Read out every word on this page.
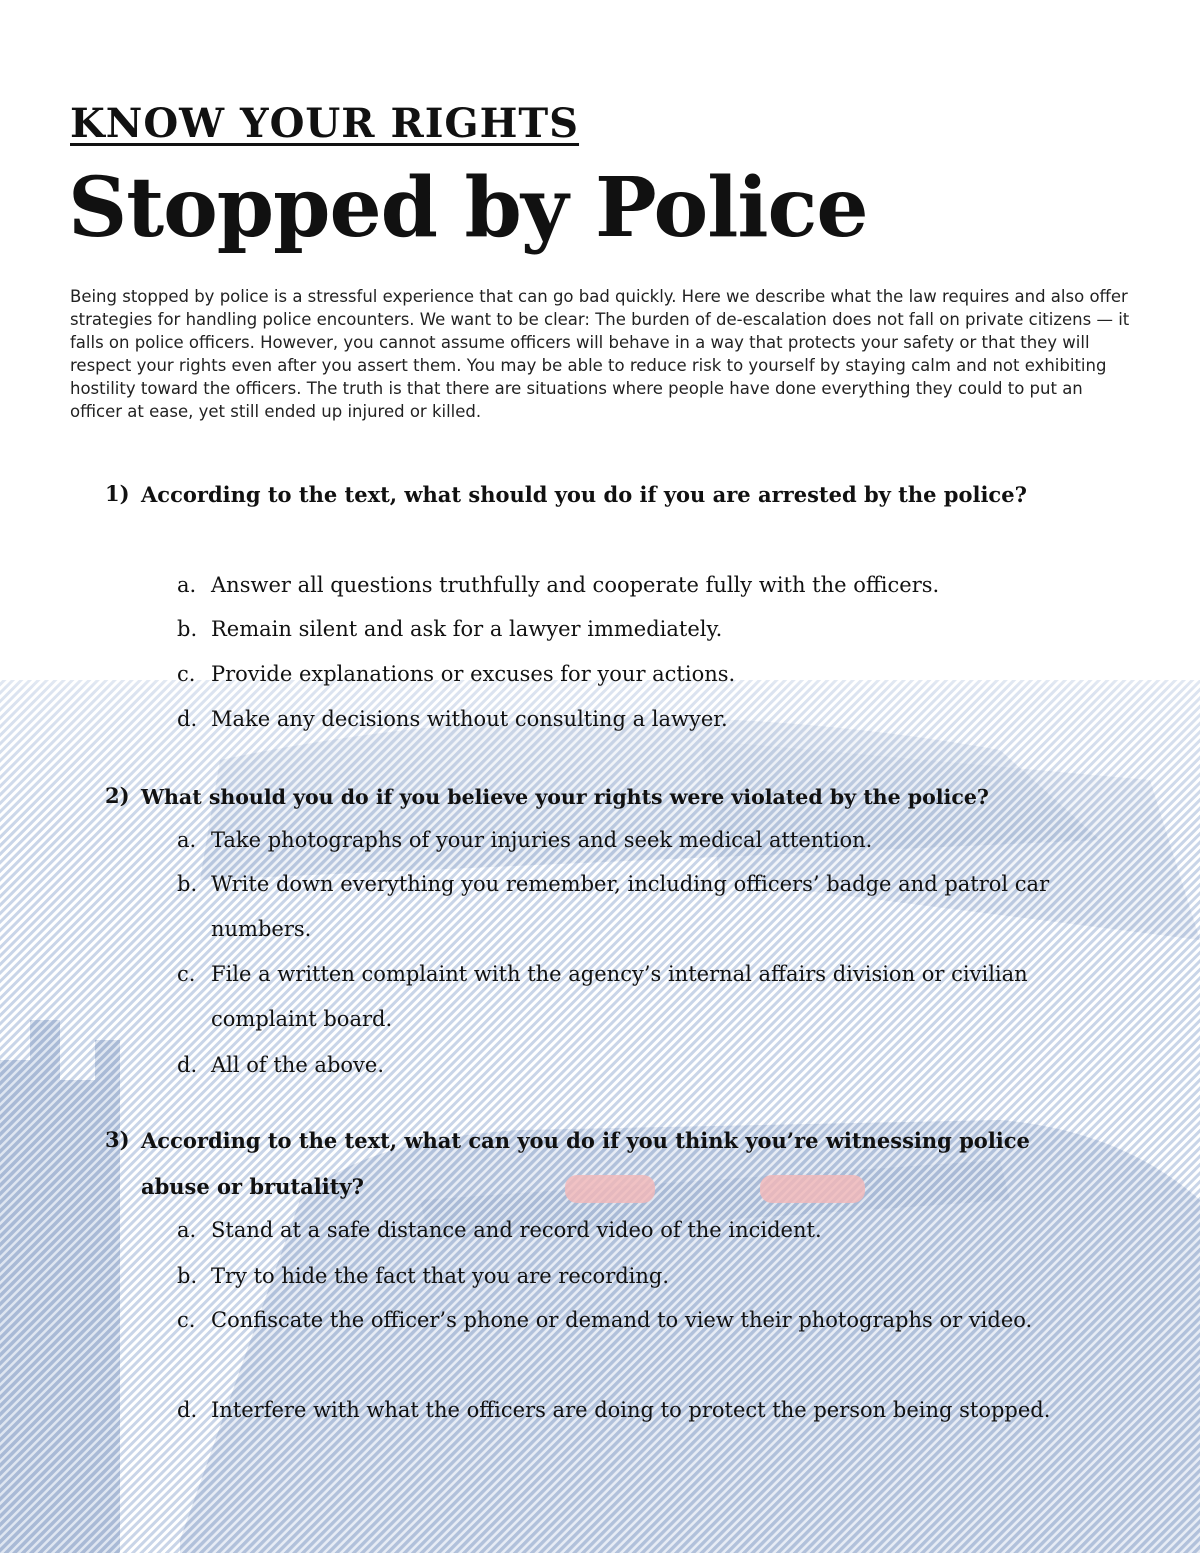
KNOW YOUR RIGHTS
Stopped by Police

Being stopped by police is a stressful experience that can go bad quickly. Here we describe what the law requires and also offer strategies for handling police encounters. We want to be clear: The burden of de-escalation does not fall on private citizens — it falls on police officers. However, you cannot assume officers will behave in a way that protects your safety or that they will respect your rights even after you assert them. You may be able to reduce risk to yourself by staying calm and not exhibiting hostility toward the officers. The truth is that there are situations where people have done everything they could to put an officer at ease, yet still ended up injured or killed.

1) According to the text, what should you do if you are arrested by the police?

a. Answer all questions truthfully and cooperate fully with the officers.

b. Remain silent and ask for a lawyer immediately.

c. Provide explanations or excuses for your actions.

d. Make any decisions without consulting a lawyer.

2) What should you do if you believe your rights were violated by the police?

a. Take photographs of your injuries and seek medical attention.

b. Write down everything you remember, including officers’ badge and patrol car numbers.

c. File a written complaint with the agency’s internal affairs division or civilian complaint board.

d. All of the above.

3) According to the text, what can you do if you think you’re witnessing police abuse or brutality?

a. Stand at a safe distance and record video of the incident.

b. Try to hide the fact that you are recording.

c. Confiscate the officer’s phone or demand to view their photographs or video.

d. Interfere with what the officers are doing to protect the person being stopped.
